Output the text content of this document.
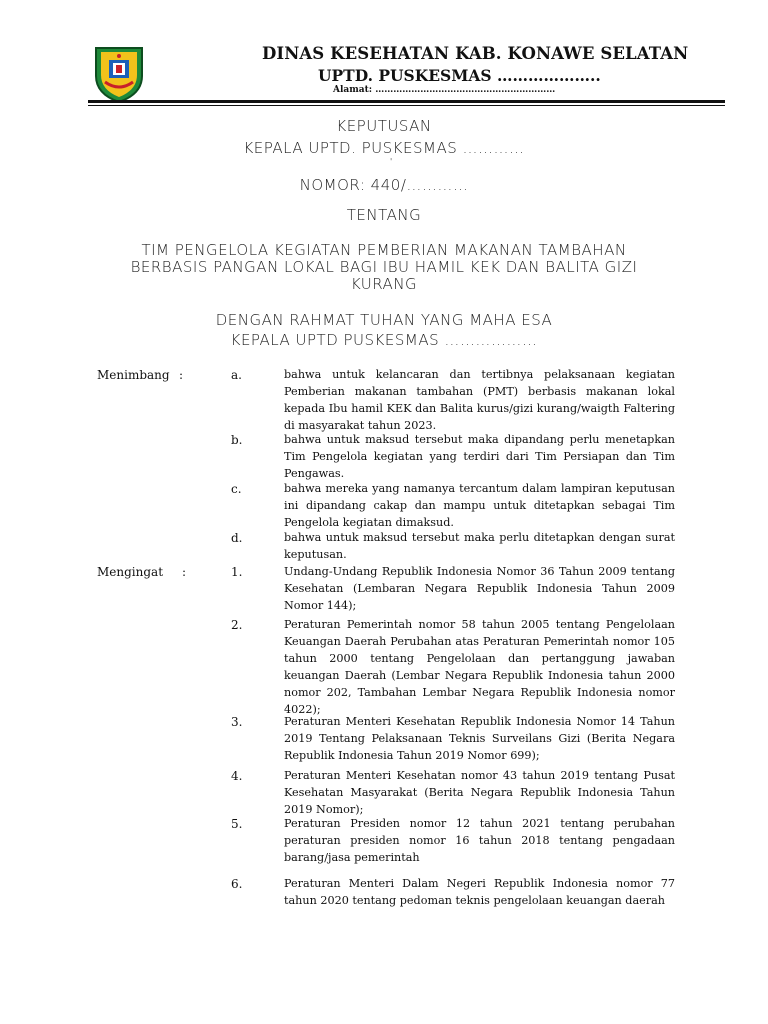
DINAS KESEHATAN KAB. KONAWE SELATAN
UPTD. PUSKESMAS ………………..
Alamat: ……………………………………………………
KEPUTUSAN
KEPALA UPTD. PUSKESMAS …………
'
NOMOR: 440/…………
TENTANG
TIM PENGELOLA KEGIATAN PEMBERIAN MAKANAN TAMBAHAN
BERBASIS PANGAN LOKAL BAGI IBU HAMIL KEK DAN BALITA GIZI
KURANG
DENGAN RAHMAT TUHAN YANG MAHA ESA
KEPALA UPTD PUSKESMAS ………………
Menimbang :	a.	bahwa untuk kelancaran dan tertibnya pelaksanaan kegiatan Pemberian makanan tambahan (PMT) berbasis makanan lokal kepada Ibu hamil KEK dan Balita kurus/gizi kurang/waigth Faltering di masyarakat tahun 2023.
b.	bahwa untuk maksud tersebut maka dipandang perlu menetapkan Tim Pengelola kegiatan yang terdiri dari Tim Persiapan dan Tim Pengawas.
c.	bahwa mereka yang namanya tercantum dalam lampiran keputusan ini dipandang cakap dan mampu untuk ditetapkan sebagai Tim Pengelola kegiatan dimaksud.
d.	bahwa untuk maksud tersebut maka perlu ditetapkan dengan surat keputusan.
Mengingat :	1.	Undang-Undang Republik Indonesia Nomor 36 Tahun 2009 tentang Kesehatan (Lembaran Negara Republik Indonesia Tahun 2009 Nomor 144);
2.	Peraturan Pemerintah nomor 58 tahun 2005 tentang Pengelolaan Keuangan Daerah Perubahan atas Peraturan Pemerintah nomor 105 tahun 2000 tentang Pengelolaan dan pertanggung jawaban keuangan Daerah (Lembar Negara Republik Indonesia tahun 2000 nomor 202, Tambahan Lembar Negara Republik Indonesia nomor 4022);
3.	Peraturan Menteri Kesehatan Republik Indonesia Nomor 14 Tahun 2019 Tentang Pelaksanaan Teknis Surveilans Gizi (Berita Negara Republik Indonesia Tahun 2019 Nomor 699);
4.	Peraturan Menteri Kesehatan nomor 43 tahun 2019 tentang Pusat Kesehatan Masyarakat (Berita Negara Republik Indonesia Tahun 2019 Nomor);
5.	Peraturan Presiden nomor 12 tahun 2021 tentang perubahan peraturan presiden nomor 16 tahun 2018 tentang pengadaan barang/jasa pemerintah
6.	Peraturan Menteri Dalam Negeri Republik Indonesia nomor 77 tahun 2020 tentang pedoman teknis pengelolaan keuangan daerah
